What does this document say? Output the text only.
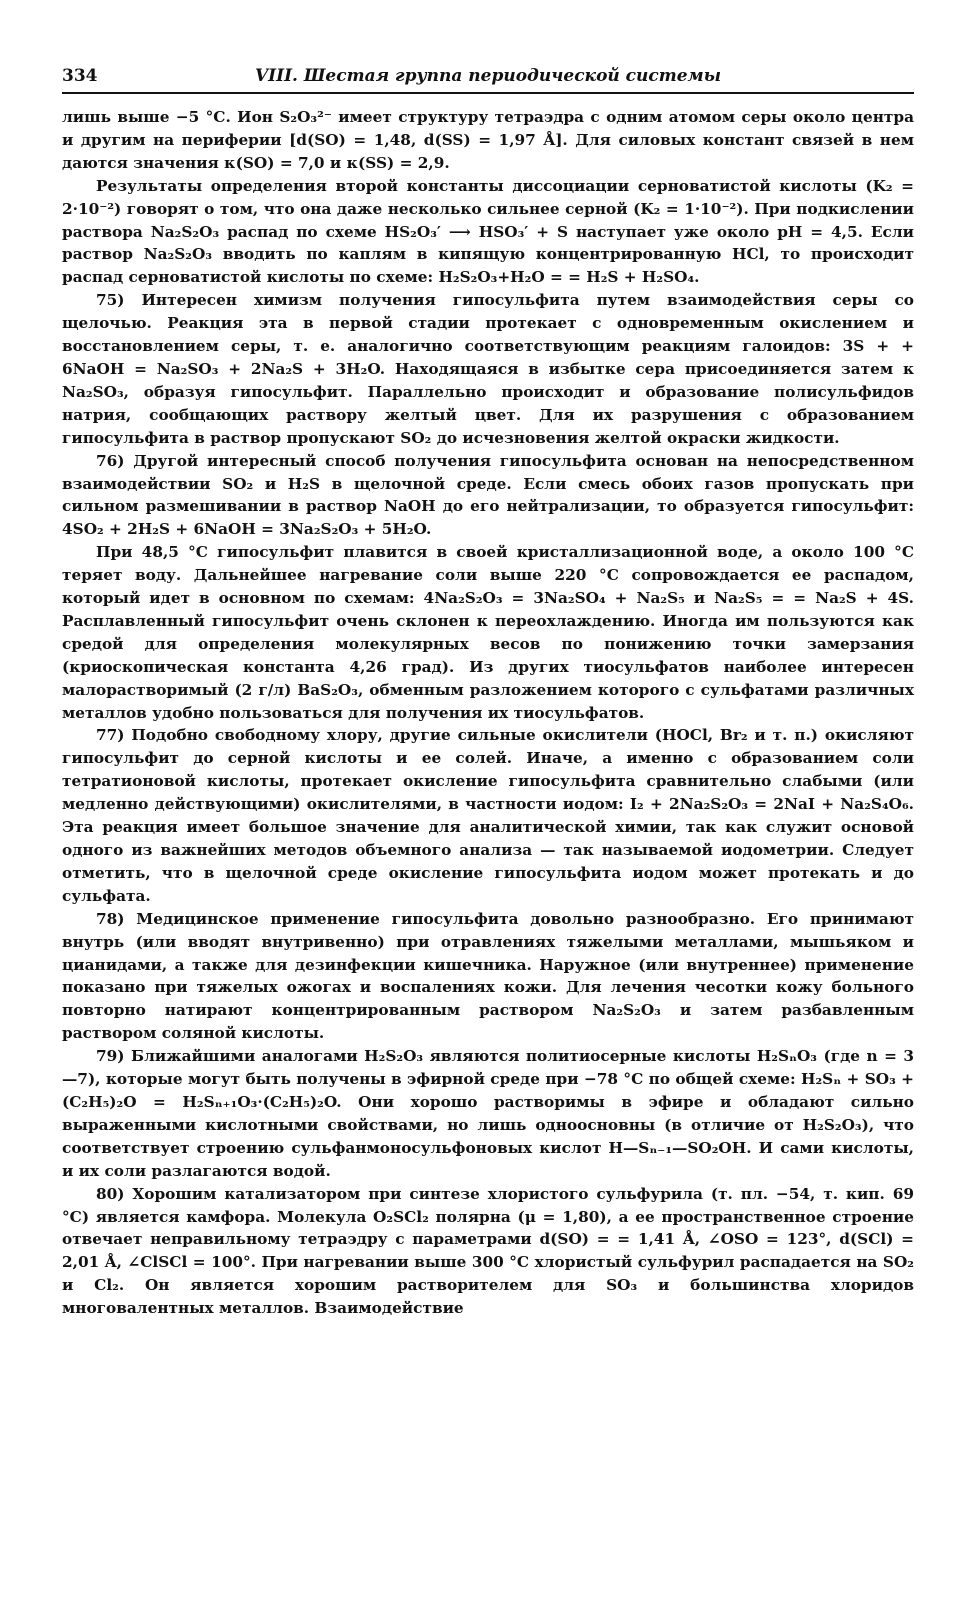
334	VIII. Шестая группа периодической системы

лишь выше −5 °С. Ион S₂O₃²⁻ имеет структуру тетраэдра с одним атомом серы около центра и другим на периферии [d(SO) = 1,48, d(SS) = 1,97 Å]. Для силовых констант связей в нем даются значения κ(SO) = 7,0 и κ(SS) = 2,9.

Результаты определения второй константы диссоциации серноватистой кислоты (K₂ = 2·10⁻²) говорят о том, что она даже несколько сильнее серной (K₂ = 1·10⁻²). При подкислении раствора Na₂S₂O₃ распад по схеме HS₂O₃′ ⟶ HSO₃′ + S наступает уже около pH = 4,5. Если раствор Na₂S₂O₃ вводить по каплям в кипящую концентрированную HCl, то происходит распад серноватистой кислоты по схеме: H₂S₂O₃+H₂O = = H₂S + H₂SO₄.

75) Интересен химизм получения гипосульфита путем взаимодействия серы со щелочью. Реакция эта в первой стадии протекает с одновременным окислением и восстановлением серы, т. е. аналогично соответствующим реакциям галоидов: 3S + + 6NaOH = Na₂SO₃ + 2Na₂S + 3H₂O. Находящаяся в избытке сера присоединяется затем к Na₂SO₃, образуя гипосульфит. Параллельно происходит и образование полисульфидов натрия, сообщающих раствору желтый цвет. Для их разрушения с образованием гипосульфита в раствор пропускают SO₂ до исчезновения желтой окраски жидкости.

76) Другой интересный способ получения гипосульфита основан на непосредственном взаимодействии SO₂ и H₂S в щелочной среде. Если смесь обоих газов пропускать при сильном размешивании в раствор NaOH до его нейтрализации, то образуется гипосульфит: 4SO₂ + 2H₂S + 6NaOH = 3Na₂S₂O₃ + 5H₂O.

При 48,5 °С гипосульфит плавится в своей кристаллизационной воде, а около 100 °С теряет воду. Дальнейшее нагревание соли выше 220 °С сопровождается ее распадом, который идет в основном по схемам: 4Na₂S₂O₃ = 3Na₂SO₄ + Na₂S₅ и Na₂S₅ = = Na₂S + 4S. Расплавленный гипосульфит очень склонен к переохлаждению. Иногда им пользуются как средой для определения молекулярных весов по понижению точки замерзания (криоскопическая константа 4,26 град). Из других тиосульфатов наиболее интересен малорастворимый (2 г/л) BaS₂O₃, обменным разложением которого с сульфатами различных металлов удобно пользоваться для получения их тиосульфатов.

77) Подобно свободному хлору, другие сильные окислители (HOCl, Br₂ и т. п.) окисляют гипосульфит до серной кислоты и ее солей. Иначе, а именно с образованием соли тетратионовой кислоты, протекает окисление гипосульфита сравнительно слабыми (или медленно действующими) окислителями, в частности иодом: I₂ + 2Na₂S₂O₃ = 2NaI + Na₂S₄O₆. Эта реакция имеет большое значение для аналитической химии, так как служит основой одного из важнейших методов объемного анализа — так называемой иодометрии. Следует отметить, что в щелочной среде окисление гипосульфита иодом может протекать и до сульфата.

78) Медицинское применение гипосульфита довольно разнообразно. Его принимают внутрь (или вводят внутривенно) при отравлениях тяжелыми металлами, мышьяком и цианидами, а также для дезинфекции кишечника. Наружное (или внутреннее) применение показано при тяжелых ожогах и воспалениях кожи. Для лечения чесотки кожу больного повторно натирают концентрированным раствором Na₂S₂O₃ и затем разбавленным раствором соляной кислоты.

79) Ближайшими аналогами H₂S₂O₃ являются политиосерные кислоты H₂SₙO₃ (где n = 3—7), которые могут быть получены в эфирной среде при −78 °С по общей схеме: H₂Sₙ + SO₃ + (C₂H₅)₂O = H₂Sₙ₊₁O₃·(C₂H₅)₂O. Они хорошо растворимы в эфире и обладают сильно выраженными кислотными свойствами, но лишь одноосновны (в отличие от H₂S₂O₃), что соответствует строению сульфанмоносульфоновых кислот H—Sₙ₋₁—SO₂OH. И сами кислоты, и их соли разлагаются водой.

80) Хорошим катализатором при синтезе хлористого сульфурила (т. пл. −54, т. кип. 69 °С) является камфора. Молекула O₂SCl₂ полярна (μ = 1,80), а ее пространственное строение отвечает неправильному тетраэдру с параметрами d(SO) = = 1,41 Å, ∠OSO = 123°, d(SCl) = 2,01 Å, ∠ClSCl = 100°. При нагревании выше 300 °С хлористый сульфурил распадается на SO₂ и Cl₂. Он является хорошим растворителем для SO₃ и большинства хлоридов многовалентных металлов. Взаимодействие
